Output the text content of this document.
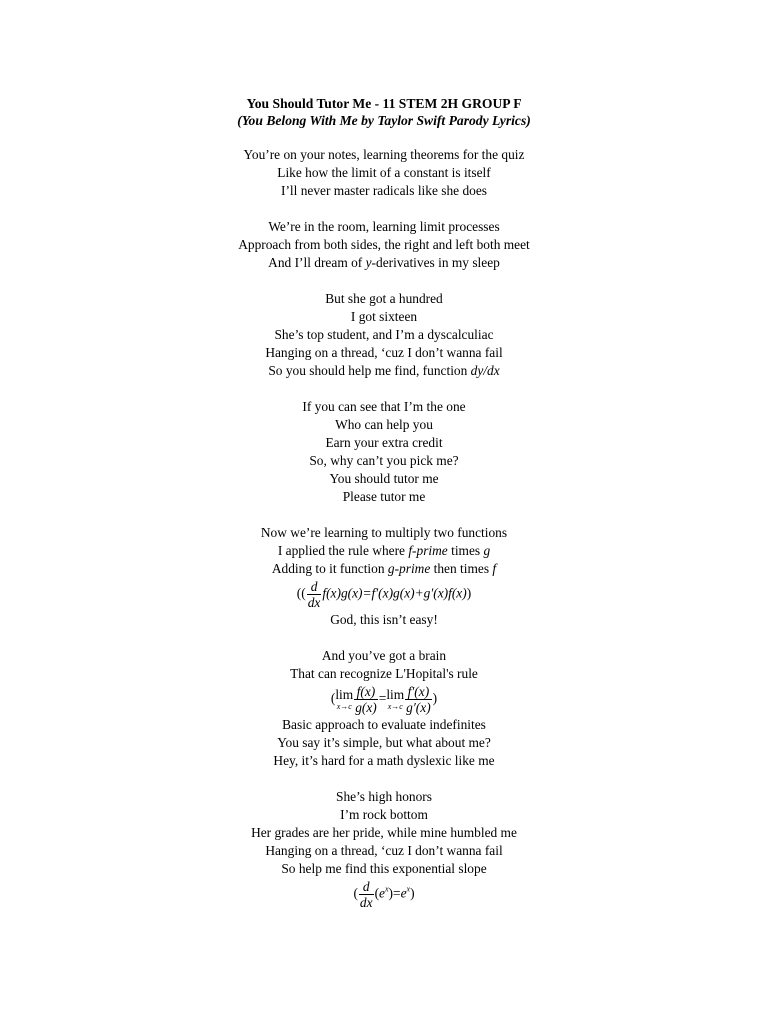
You Should Tutor Me - 11 STEM 2H GROUP F
(You Belong With Me by Taylor Swift Parody Lyrics)
You’re on your notes, learning theorems for the quiz
Like how the limit of a constant is itself
I’ll never master radicals like she does
We’re in the room, learning limit processes
Approach from both sides, the right and left both meet
And I’ll dream of y-derivatives in my sleep
But she got a hundred
I got sixteen
She’s top student, and I’m a dyscalculiac
Hanging on a thread, ‘cuz I don’t wanna fail
So you should help me find, function dy/dx
If you can see that I’m the one
Who can help you
Earn your extra credit
So, why can’t you pick me?
You should tutor me
Please tutor me
Now we’re learning to multiply two functions
I applied the rule where f-prime times g
Adding to it function g-prime then times f
(( $\frac{d}{dx} f(x)g(x)=f'(x)g(x)+g'(x)f(x)$)
God, this isn’t easy!
And you’ve got a brain
That can recognize L'Hopital's rule
(lim
$x\to c \frac{f(x)}{g(x)} =\lim$
$x\to c \frac{f'(x)}{g'(x)}$ )
Basic approach to evaluate indefinites
You say it’s simple, but what about me?
Hey, it’s hard for a math dyslexic like me
She’s high honors
I’m rock bottom
Her grades are her pride, while mine humbled me
Hanging on a thread, ‘cuz I don’t wanna fail
So help me find this exponential slope
( $\frac{d}{dx} (e^x)=e^x$)
